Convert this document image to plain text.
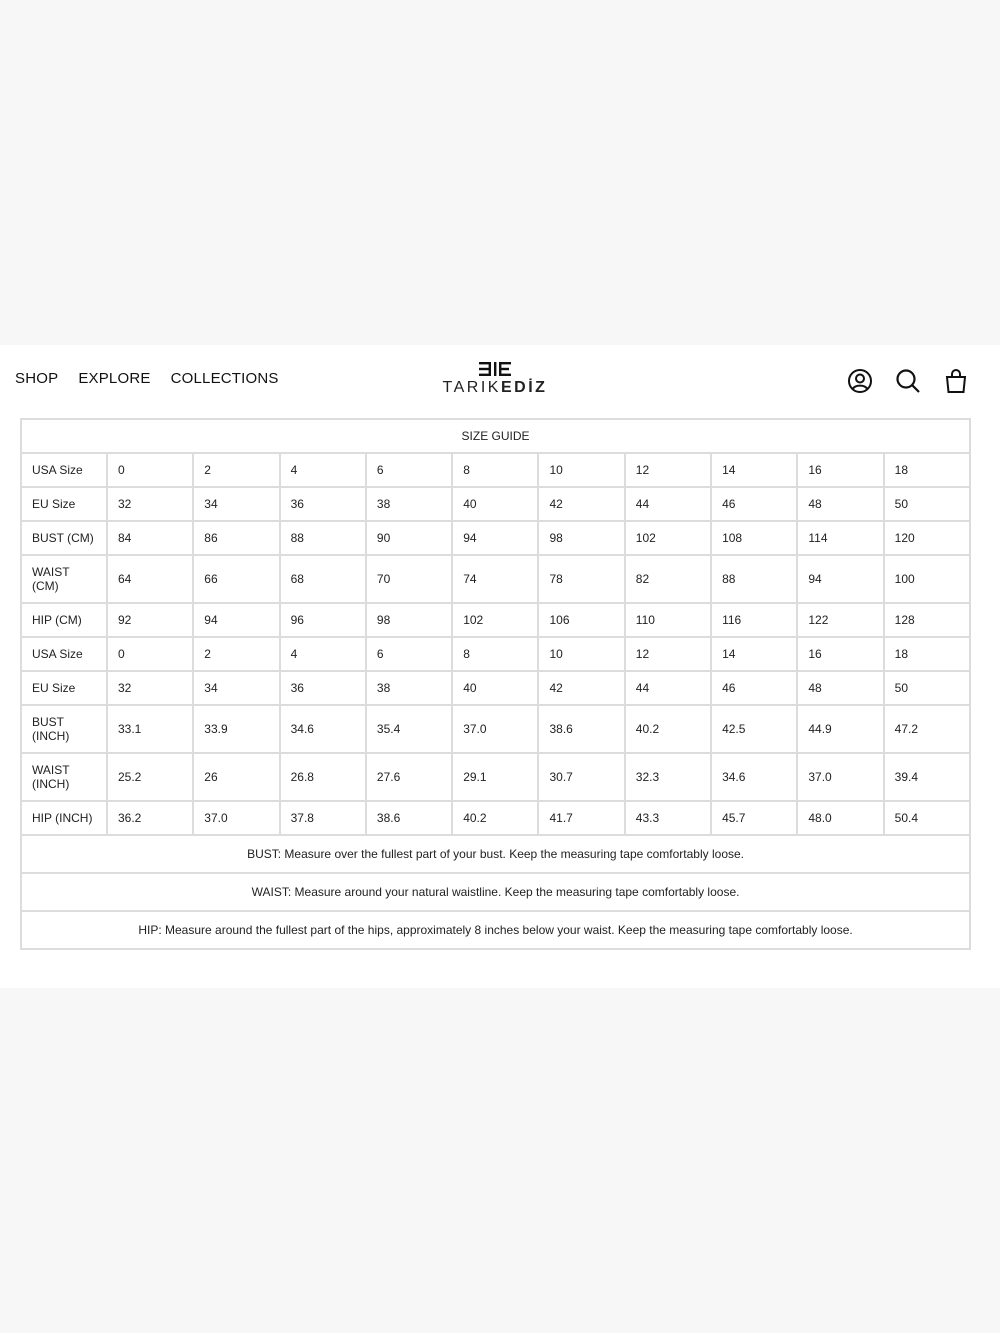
SHOP EXPLORE COLLECTIONS
TARIKEDİZ
SIZE GUIDE										
USA Size	0	2	4	6	8	10	12	14	16	18
EU Size	32	34	36	38	40	42	44	46	48	50
BUST (CM)	84	86	88	90	94	98	102	108	114	120
WAIST (CM)	64	66	68	70	74	78	82	88	94	100
HIP (CM)	92	94	96	98	102	106	110	116	122	128
USA Size	0	2	4	6	8	10	12	14	16	18
EU Size	32	34	36	38	40	42	44	46	48	50
BUST (INCH)	33.1	33.9	34.6	35.4	37.0	38.6	40.2	42.5	44.9	47.2
WAIST (INCH)	25.2	26	26.8	27.6	29.1	30.7	32.3	34.6	37.0	39.4
HIP (INCH)	36.2	37.0	37.8	38.6	40.2	41.7	43.3	45.7	48.0	50.4
BUST: Measure over the fullest part of your bust. Keep the measuring tape comfortably loose.										
WAIST: Measure around your natural waistline. Keep the measuring tape comfortably loose.										
HIP: Measure around the fullest part of the hips, approximately 8 inches below your waist. Keep the measuring tape comfortably loose.										
